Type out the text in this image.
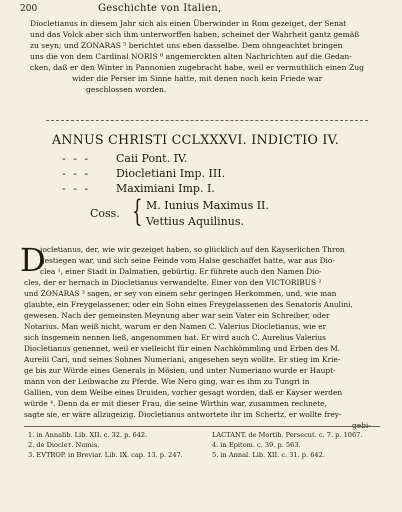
200	Geschichte von Italien,
Diocletianus in diesem Jahr sich als einen Überwinder in Rom gezeiget, der Senat
und das Volck aber sich ihm unterworffen haben, scheinet der Wahrheit gantz gemäß
zu seyn; und ZONARAS ⁵ berichtet uns eben dasselbe. Dem ohngeachtet bringen
uns die von dem Cardinal NORIS ⁶ angemerckten alten Nachrichten auf die Gedan-
cken, daß er den Winter in Pannonien zugebracht habe, weil er vermuthlich einen Zug
wider die Perser im Sinne hatte, mit denen noch kein Friede war
geschlossen worden.
ANNUS CHRISTI CCLXXXVI. INDICTIO IV.
- - - Caii Pont. IV.
- - - Diocletiani Imp. III.
- - - Maximiani Imp. I.
Coss. { M. Iunius Maximus II.
Vettius Aquilinus.
D
iocletianus, der, wie wir gezeiget haben, so glücklich auf den Kayserlichen Thron
gestiegen war, und sich seine Feinde vom Halse geschaffet hatte, war aus Dio-
clea ¹, einer Stadt in Dalmatien, gebürtig. Er führete auch den Namen Dio-
cles, der er hernach in Diocletianus verwandelte. Einer von den VICTORIBUS ²
und ZONARAS ³ sagen, er sey von einem sehr geringen Herkommen, und, wie man
glaubte, ein Freygelassener, oder ein Sohn eines Freygelassenen des Senatoris Anulini,
gewesen. Nach der gemeinsten Meynung aber war sein Vater ein Schreiber, oder
Notarius. Man weiß nicht, warum er den Namen C. Valerius Diocletianus, wie er
sich insgemein nennen ließ, angenommen hat. Er wird auch C. Aurelius Valerius
Diocletianus genennet, weil er vielleicht für einen Nachkömmling und Erben des M.
Aurelii Cari, und seines Sohnes Numeriani, angesehen seyn wollte. Er stieg im Krie-
ge bis zur Würde eines Generals in Mösien, und unter Numeriano wurde er Haupt-
mann von der Leibwache zu Pferde. Wie Nero ging, war es ihm zu Tungri in
Gallien, von dem Weibe eines Druiden, vorher gesagt worden, daß er Kayser werden
würde ⁴. Denn da er mit dieser Frau, die seine Wirthin war, zusammen rechnete,
sagte sie, er wäre allzugeizig. Diocletianus antwortete ihr im Schertz, er wollte frey-
gebi-
1. in Annalib. Lib. XII. c. 32. p. 642.
2. de Diocleт. Numis.
3. EVTROP. in Breviar. Lib. IX. cap. 13. p. 247.
LACTANT. de Mortib. Persecut. c. 7. p. 1067.
4. in Epitom. c. 39. p. 563.
5. in Annal. Lib. XII. c. 31. p. 642.
